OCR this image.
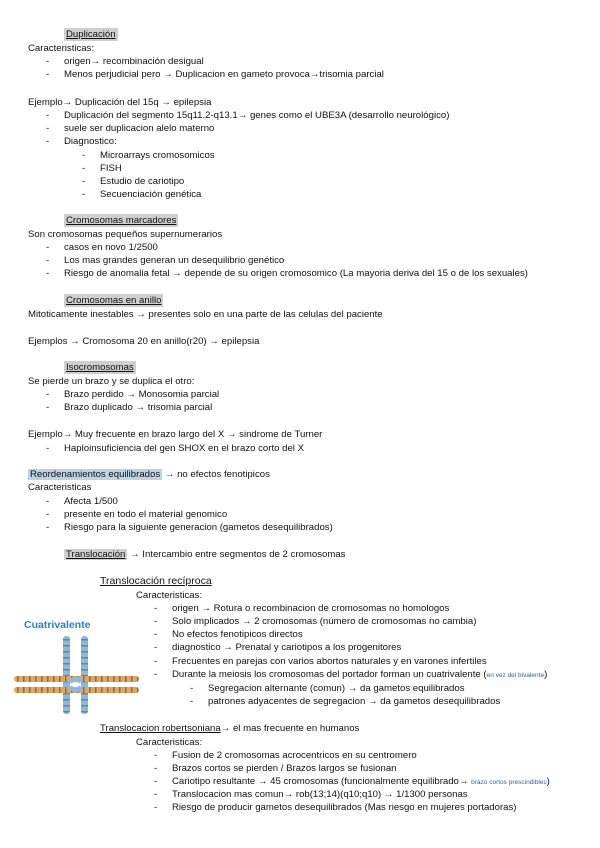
Duplicación
Caracteristicas:
- origen→ recombinación desigual
- Menos perjudicial pero → Duplicacion en gameto provoca→trisomia parcial
Ejemplo→ Duplicación del 15q → epilepsia
- Duplicación del segmento 15q11.2-q13.1→ genes como el UBE3A (desarrollo neurológico)
- suele ser duplicacion alelo materno
- Diagnostico:
- Microarrays cromosomicos
- FISH
- Estudio de cariotipo
- Secuenciación genética
Cromosomas marcadores
Son cromosomas pequeños supernumerarios
- casos en novo 1/2500
- Los mas grandes generan un desequilibrio genético
- Riesgo de anomalia fetal → depende de su origen cromosomico (La mayoria deriva del 15 o de los sexuales)
Cromosomas en anillo
Mitoticamente inestables → presentes solo en una parte de las celulas del paciente
Ejemplos → Cromosoma 20 en anillo(r20) → epilepsia
Isocromosomas
Se pierde un brazo y se duplica el otro:
- Brazo perdido → Monosomia parcial
- Brazo duplicado → trisomia parcial
Ejemplo→ Muy frecuente en brazo largo del X → sindrome de Turner
- Haploinsuficiencia del gen SHOX en el brazo corto del X
Reordenamientos equilibrados → no efectos fenotipicos
Caracteristicas
- Afecta 1/500
- presente en todo el material genomico
- Riesgo para la siguiente generacion (gametos desequilibrados)
Translocación → Intercambio entre segmentos de 2 cromosomas
Translocación recíproca
Caracteristicas:
- origen → Rotura o recombinacion de cromosomas no homologos
- Solo implicados → 2 cromosomas (número de cromosomas no cambia)
- No efectos fenotipicos directos
- diagnostico → Prenatal y cariotipos a los progenitores
- Frecuentes en parejas con varios abortos naturales y en varones infertiles
- Durante la meiosis los cromosomas del portador forman un cuatrivalente (en vez del bivalente)
- Segregacion alternante (comun) → da gametos equilibrados
- patrones adyacentes de segregacion → da gametos desequilibrados
Cuatrivalente
Translocacion robertsoniana→ el mas frecuente en humanos
Caracteristicas:
- Fusion de 2 cromosomas acrocentricos en su centromero
- Brazos cortos se pierden / Brazos largos se fusionan
- Cariotipo resultante → 45 cromosomas (funcionalmente equilibrado→ brazo cortos prescindibles)
- Translocacion mas comun→ rob(13;14)(q10;q10) → 1/1300 personas
- Riesgo de producir gametos desequilibrados (Mas riesgo en mujeres portadoras)
